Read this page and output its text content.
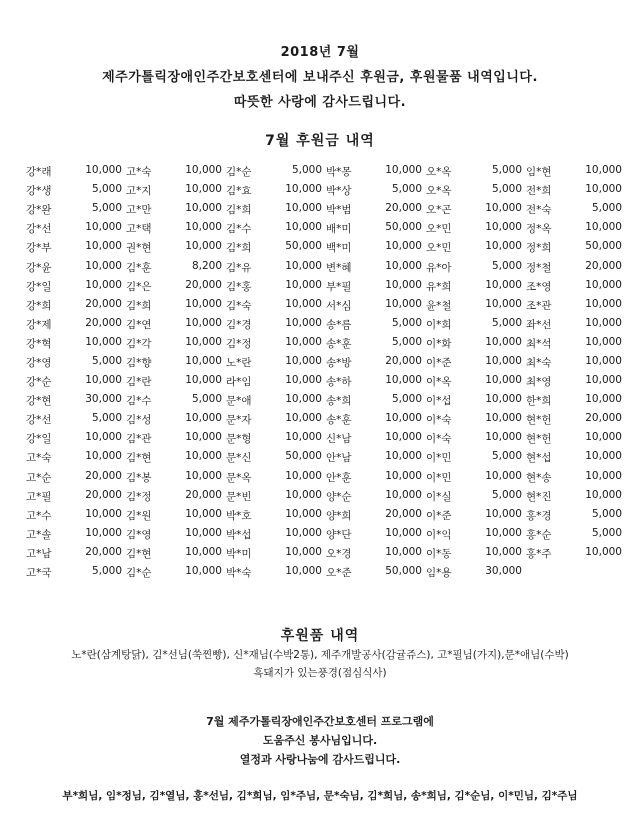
2018년 7월
제주가톨릭장애인주간보호센터에 보내주신 후원금, 후원물품 내역입니다.
따뜻한 사랑에 감사드립니다.
7월 후원금 내역
강*래	10,000 고*숙	10,000 김*순	5,000 박*몽	10,000 오*옥	5,000 임*현	10,000
강*생	5,000 고*지	10,000 김*효	10,000 박*상	5,000 오*옥	5,000 전*희	10,000
강*완	5,000 고*만	10,000 김*희	10,000 박*범	20,000 오*곤	10,000 전*숙	5,000
강*선	10,000 고*택	10,000 김*수	10,000 배*미	50,000 오*민	10,000 정*옥	10,000
강*부	10,000 권*현	10,000 김*희	50,000 백*미	10,000 오*민	10,000 정*희	50,000
강*윤	10,000 김*훈	8,200 김*유	10,000 변*혜	10,000 유*아	5,000 정*철	20,000
강*일	10,000 김*은	20,000 김*홍	10,000 부*필	10,000 유*희	10,000 조*영	10,000
강*희	20,000 김*희	10,000 김*숙	10,000 서*심	10,000 윤*철	10,000 조*관	10,000
강*제	20,000 김*연	10,000 김*경	10,000 송*름	5,000 이*희	5,000 좌*선	10,000
강*혁	10,000 김*각	10,000 김*정	10,000 송*훈	5,000 이*화	10,000 최*석	10,000
강*영	5,000 김*향	10,000 노*란	10,000 송*방	20,000 이*준	10,000 최*숙	10,000
강*순	10,000 김*란	10,000 라*임	10,000 송*하	10,000 이*옥	10,000 최*영	10,000
강*현	30,000 김*수	5,000 문*애	10,000 송*희	5,000 이*섭	10,000 한*희	10,000
강*선	5,000 김*성	10,000 문*자	10,000 송*훈	10,000 이*숙	10,000 현*헌	20,000
강*일	10,000 김*관	10,000 문*형	10,000 신*남	10,000 이*숙	10,000 현*헌	10,000
고*숙	10,000 김*현	10,000 문*신	50,000 안*남	10,000 이*민	5,000 현*섭	10,000
고*순	20,000 김*봉	10,000 문*옥	10,000 안*훈	10,000 이*민	10,000 현*송	10,000
고*필	20,000 김*정	20,000 문*빈	10,000 양*순	10,000 이*실	5,000 현*진	10,000
고*수	10,000 김*원	10,000 박*호	10,000 양*희	20,000 이*준	10,000 홍*경	5,000
고*솔	10,000 김*영	10,000 박*섭	10,000 양*단	10,000 이*익	10,000 홍*순	5,000
고*남	20,000 김*현	10,000 박*미	10,000 오*경	10,000 이*동	10,000 홍*주	10,000
고*국	5,000 김*순	10,000 박*숙	10,000 오*준	50,000 임*용	30,000
후원품 내역
노*란(삼계탕닭), 김*선님(쑥찐빵), 신*재님(수박2통), 제주개발공사(감귤쥬스), 고*필님(가지),문*애님(수박)
흑돼지가 있는풍경(점심식사)
7월 제주가톨릭장애인주간보호센터 프로그램에
도움주신 봉사님입니다.
열정과 사랑나눔에 감사드립니다.
부*희님, 임*정님, 김*열님, 홍*선님, 김*희님, 임*주님, 문*숙님, 김*희님, 송*희님, 김*순님, 이*민님, 김*주님
